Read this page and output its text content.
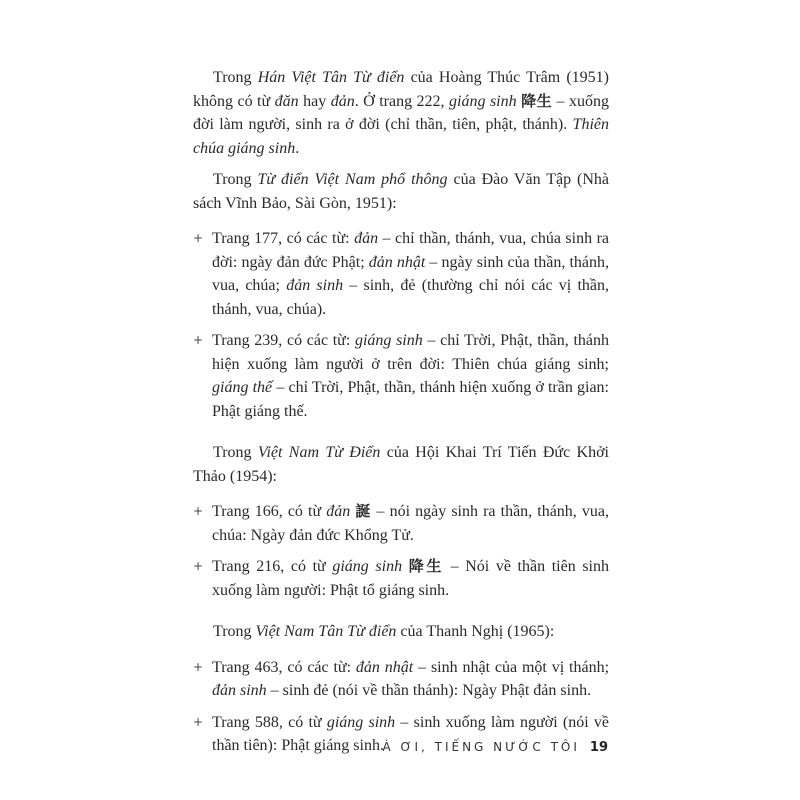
Trong Hán Việt Tân Từ điển của Hoàng Thúc Trâm (1951) không có từ đăn hay đản. Ở trang 222, giáng sinh 降生 – xuống đời làm người, sinh ra ở đời (chỉ thần, tiên, phật, thánh). Thiên chúa giáng sinh.

Trong Từ điển Việt Nam phổ thông của Đào Văn Tập (Nhà sách Vĩnh Bảo, Sài Gòn, 1951):

+ Trang 177, có các từ: đản – chỉ thần, thánh, vua, chúa sinh ra đời: ngày đản đức Phật; đản nhật – ngày sinh của thần, thánh, vua, chúa; đản sinh – sinh, đẻ (thường chỉ nói các vị thần, thánh, vua, chúa).
+ Trang 239, có các từ: giáng sinh – chỉ Trời, Phật, thần, thánh hiện xuống làm người ở trên đời: Thiên chúa giáng sinh; giáng thế – chỉ Trời, Phật, thần, thánh hiện xuống ở trần gian: Phật giáng thế.

Trong Việt Nam Từ Điển của Hội Khai Trí Tiến Đức Khởi Thảo (1954):

+ Trang 166, có từ đản 誕 – nói ngày sinh ra thần, thánh, vua, chúa: Ngày đản đức Khổng Tử.
+ Trang 216, có từ giáng sinh 降生 – Nói về thần tiên sinh xuống làm người: Phật tổ giáng sinh.

Trong Việt Nam Tân Từ điển của Thanh Nghị (1965):

+ Trang 463, có các từ: đản nhật – sinh nhật của một vị thánh; đản sinh – sinh đẻ (nói về thần thánh): Ngày Phật đản sinh.
+ Trang 588, có từ giáng sinh – sinh xuống làm người (nói về thần tiên): Phật giáng sinh.
À ƠI, TIẾNG NƯỚC TÔI 19
